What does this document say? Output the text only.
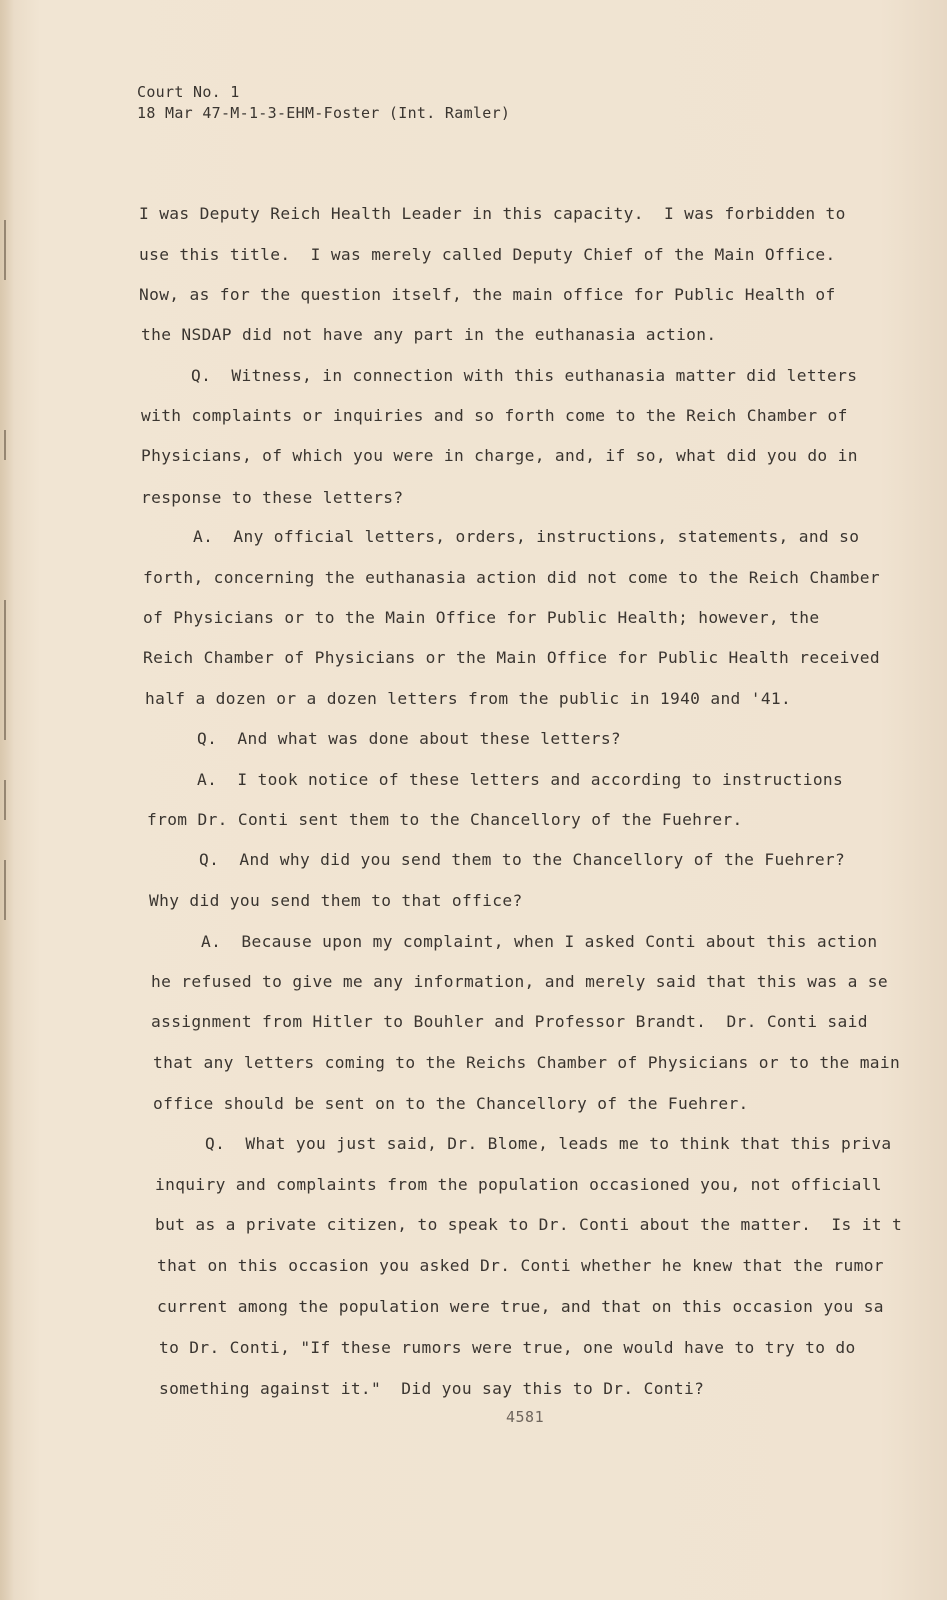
Court No. 1
18 Mar 47-M-1-3-EHM-Foster (Int. Ramler)
I was Deputy Reich Health Leader in this capacity.  I was forbidden to
use this title.  I was merely called Deputy Chief of the Main Office.
Now, as for the question itself, the main office for Public Health of
the NSDAP did not have any part in the euthanasia action.
Q.  Witness, in connection with this euthanasia matter did letters
with complaints or inquiries and so forth come to the Reich Chamber of
Physicians, of which you were in charge, and, if so, what did you do in
response to these letters?
A.  Any official letters, orders, instructions, statements, and so
forth, concerning the euthanasia action did not come to the Reich Chamber
of Physicians or to the Main Office for Public Health; however, the
Reich Chamber of Physicians or the Main Office for Public Health received
half a dozen or a dozen letters from the public in 1940 and '41.
Q.  And what was done about these letters?
A.  I took notice of these letters and according to instructions
from Dr. Conti sent them to the Chancellory of the Fuehrer.
Q.  And why did you send them to the Chancellory of the Fuehrer?
Why did you send them to that office?
A.  Because upon my complaint, when I asked Conti about this action
he refused to give me any information, and merely said that this was a se
assignment from Hitler to Bouhler and Professor Brandt.  Dr. Conti said
that any letters coming to the Reichs Chamber of Physicians or to the main
office should be sent on to the Chancellory of the Fuehrer.
Q.  What you just said, Dr. Blome, leads me to think that this priva
inquiry and complaints from the population occasioned you, not officiall
but as a private citizen, to speak to Dr. Conti about the matter.  Is it t
that on this occasion you asked Dr. Conti whether he knew that the rumor
current among the population were true, and that on this occasion you sa
to Dr. Conti, "If these rumors were true, one would have to try to do
something against it."  Did you say this to Dr. Conti?
4581
